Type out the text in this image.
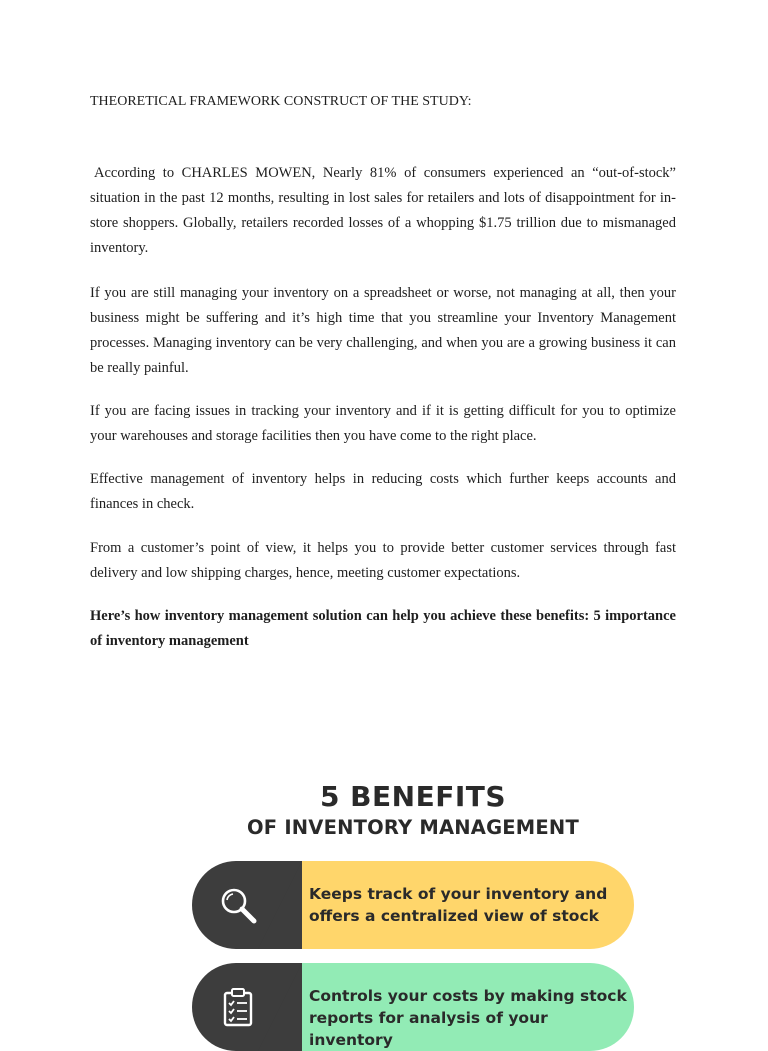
THEORETICAL FRAMEWORK CONSTRUCT OF THE STUDY:

According to CHARLES MOWEN, Nearly 81% of consumers experienced an “out-of-stock” situation in the past 12 months, resulting in lost sales for retailers and lots of disappointment for in-store shoppers. Globally, retailers recorded losses of a whopping $1.75 trillion due to mismanaged inventory.

If you are still managing your inventory on a spreadsheet or worse, not managing at all, then your business might be suffering and it’s high time that you streamline your Inventory Management processes. Managing inventory can be very challenging, and when you are a growing business it can be really painful.

If you are facing issues in tracking your inventory and if it is getting difficult for you to optimize your warehouses and storage facilities then you have come to the right place.

Effective management of inventory helps in reducing costs which further keeps accounts and finances in check.

From a customer’s point of view, it helps you to provide better customer services through fast delivery and low shipping charges, hence, meeting customer expectations.

Here’s how inventory management solution can help you achieve these benefits: 5 importance of inventory management

5 BENEFITS
OF INVENTORY MANAGEMENT
Keeps track of your inventory and offers a centralized view of stock
Controls your costs by making stock reports for analysis of your inventory
